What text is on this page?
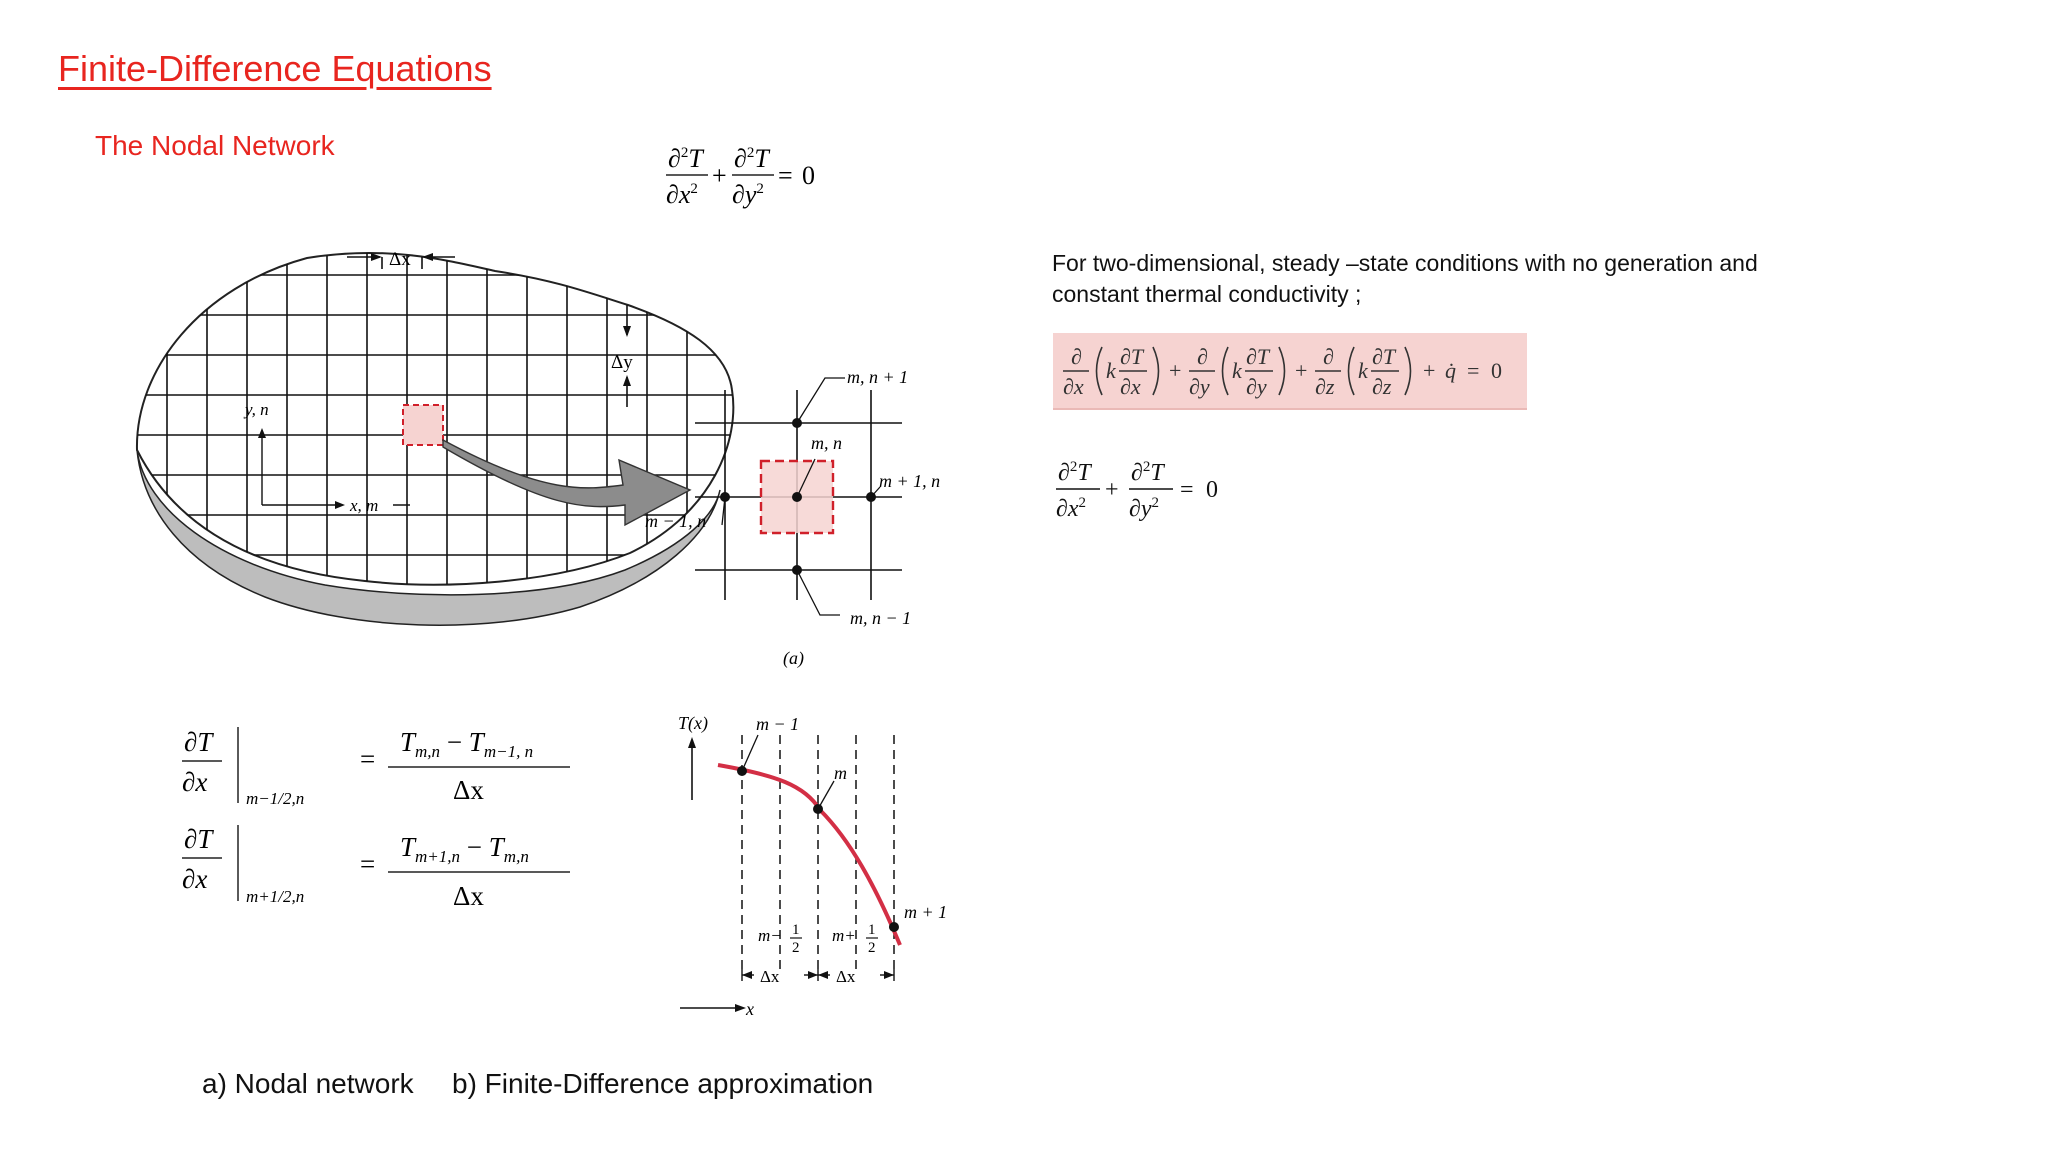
Finite-Difference Equations
The Nodal Network	∂$^2$T
$\partial x^2$ +
∂$^2$T
$\partial y^2 = 0$
Δx
Δy
y, n
x, m
m, n + 1
m, n
m + 1, n
m − 1, n
m, n − 1
(a)
∂T
∂x
m−1/2,n
=
$T_{m,n} - T_{m-1, n}$
Δx
∂T
∂x
m+1/2,n
=
$T_{m+1,n} - T_{m,n}$
Δx
T(x)
x
m − 1
m
m + 1
m− 1
2
m+ 1
2
Δx	Δx
a) Nodal network b) Finite-Difference approximation
For two-dimensional, steady –state conditions with no generation and constant thermal conductivity ;
∂
∂x
k
∂T
∂x
+
∂
∂y
k
∂T
∂y
+
∂
∂z
k
∂T
∂z
+ q̇ = 0
∂$^2$T
$\partial x^2$ +
∂$^2$T
$\partial y^2 = 0$
